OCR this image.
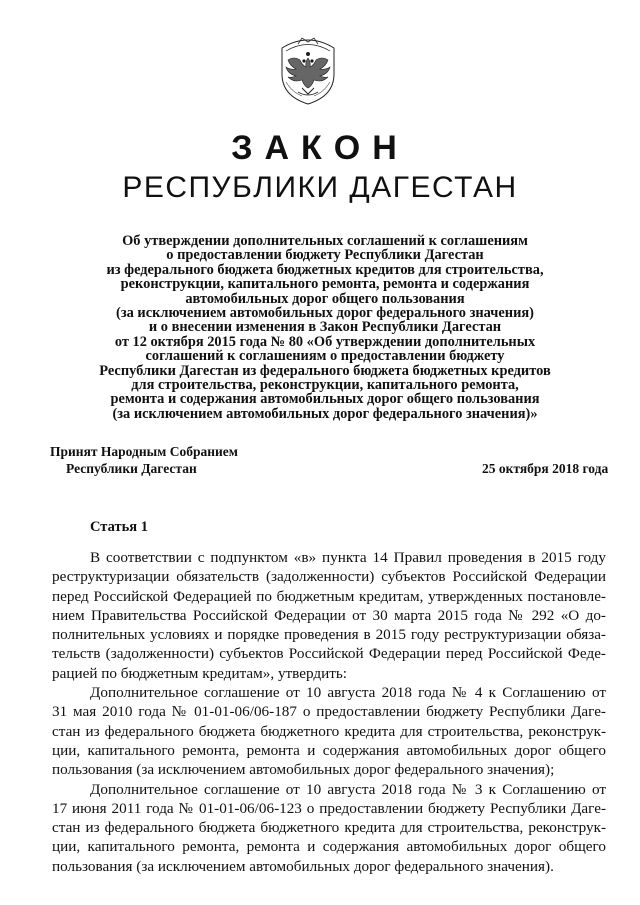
ЗАКОН
РЕСПУБЛИКИ ДАГЕСТАН
Об утверждении дополнительных соглашений к соглашениям
о предоставлении бюджету Республики Дагестан
из федерального бюджета бюджетных кредитов для строительства,
реконструкции, капитального ремонта, ремонта и содержания
автомобильных дорог общего пользования
(за исключением автомобильных дорог федерального значения)
и о внесении изменения в Закон Республики Дагестан
от 12 октября 2015 года № 80 «Об утверждении дополнительных
соглашений к соглашениям о предоставлении бюджету
Республики Дагестан из федерального бюджета бюджетных кредитов
для строительства, реконструкции, капитального ремонта,
ремонта и содержания автомобильных дорог общего пользования
(за исключением автомобильных дорог федерального значения)»
Принят Народным Собранием
Республики Дагестан	25 октября 2018 года
Статья 1
В соответствии с подпунктом «в» пункта 14 Правил проведения в 2015 году
реструктуризации обязательств (задолженности) субъектов Российской Федерации
перед Российской Федерацией по бюджетным кредитам, утвержденных постановле-
нием Правительства Российской Федерации от 30 марта 2015 года № 292 «О до-
полнительных условиях и порядке проведения в 2015 году реструктуризации обяза-
тельств (задолженности) субъектов Российской Федерации перед Российской Феде-
рацией по бюджетным кредитам», утвердить:
Дополнительное соглашение от 10 августа 2018 года № 4 к Соглашению от
31 мая 2010 года № 01-01-06/06-187 о предоставлении бюджету Республики Даге-
стан из федерального бюджета бюджетного кредита для строительства, реконструк-
ции, капитального ремонта, ремонта и содержания автомобильных дорог общего
пользования (за исключением автомобильных дорог федерального значения);
Дополнительное соглашение от 10 августа 2018 года № 3 к Соглашению от
17 июня 2011 года № 01-01-06/06-123 о предоставлении бюджету Республики Даге-
стан из федерального бюджета бюджетного кредита для строительства, реконструк-
ции, капитального ремонта, ремонта и содержания автомобильных дорог общего
пользования (за исключением автомобильных дорог федерального значения).
